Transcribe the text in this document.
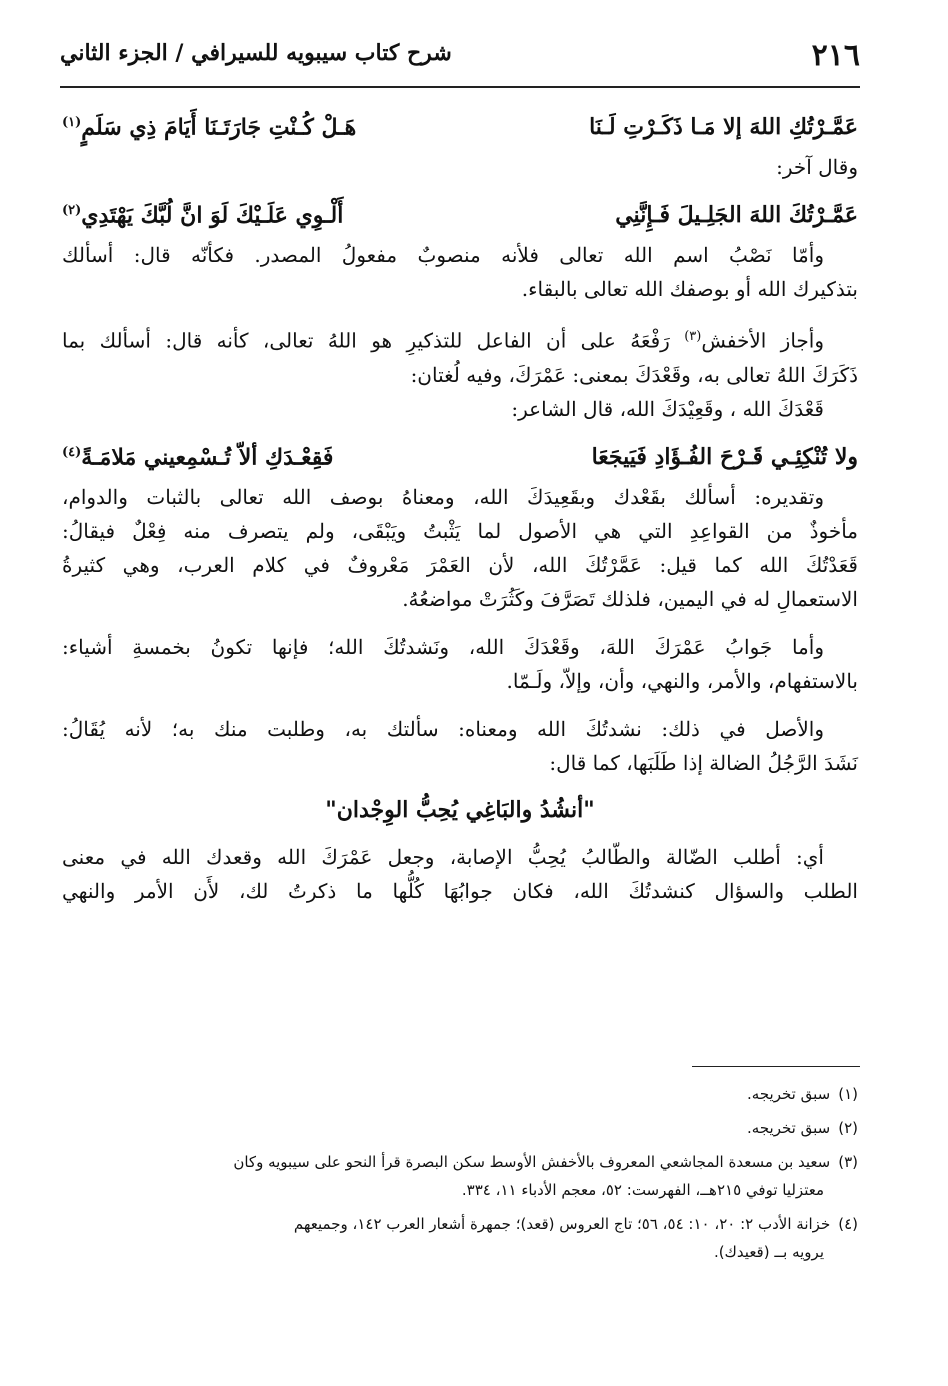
٢١٦
شرح كتاب سيبويه للسيرافي / الجزء الثاني
عَمَّـرْتُكِ اللهَ إلا مَـا ذَكَـرْتِ لَـنَا
هَـلْ كُـنْتِ جَارَتَـنَا أَيَامَ ذِي سَلَمٍ$^{(١)}$
وقال آخر:
عَمَّـرْتُكَ اللهَ الجَلِـيلَ فَـإِنَّنِي
أَلْـوِي عَلَـيْكَ لَوَ انَّ لُبَّكَ يَهْتَدِي$^{(٢)}$
وأمّا نَصْبُ اسم الله تعالى فلأنه منصوبٌ مفعولُ المصدر. فكأنّه قال: أسألك
بتذكيرك الله أو بوصفك الله تعالى بالبقاء.
وأجاز الأخفش$^{(٣)}$ رَفْعَهُ على أن الفاعل للتذكيرِ هو اللهُ تعالى، كأنه قال: أسألك بما
ذَكَرَكَ اللهُ تعالى به، وقَعْدَكَ بمعنى: عَمْرَكَ، وفيه لُغتان:
قَعْدَكَ الله ، وقَعِيْدَكَ الله، قال الشاعر:
ولا تُنْكِئِـي قَـرْحَ الفُـؤَادِ فَيَيجَعَا
فَقِعْـدَكِ ألاّ تُـسْمِعيني مَلامَـةً$^{(٤)}$
وتقديره: أسألك بقَعْدك وبقَعِيدَكَ الله، ومعناهُ بوصف الله تعالى بالثبات والدوام،
مأخوذٌ من القواعِدِ التي هي الأصول لما يَثْبتُ ويَبْقَى، ولم يتصرف منه فِعْلٌ فيقالُ:
قَعَدْتُكَ الله كما قيل: عَمَّرْتُكَ الله، لأن العَمْرَ مَعْروفٌ في كلام العرب، وهي كثيرةُ
الاستعمالِ له في اليمين، فلذلك تَصَرَّفَ وكَثُرَتْ مواضعُهُ.
وأما جَوابُ عَمْرَكَ اللهَ، وقَعْدَكَ الله، ونَشدتُكَ الله؛ فإنها تكونُ بخمسةِ أشياء:
بالاستفهام، والأمر، والنهي، وأن، وإلاّ، ولَـمّا.
والأصل في ذلك: نشدتُكَ الله ومعناه: سألتك به، وطلبت منك به؛ لأنه يُقَالُ:
نَشَدَ الرَّجُلُ الضالة إذا طَلَبَها، كما قال:
"أنشُدُ والبَاغِي يُحِبُّ الوِجْدان"
أي: أطلب الضّالة والطّالبُ يُحِبُّ الإصابة، وجعل عَمْرَكَ الله وقعدك الله في معنى
الطلب والسؤال كنشدتُكَ الله، فكان جوابُهَا كُلُّها ما ذكرتُ لك، لأَن الأمر والنهي
(١)سبق تخريجه.
(٢)سبق تخريجه.
(٣)سعيد بن مسعدة المجاشعي المعروف بالأخفش الأوسط سكن البصرة قرأ النحو على سيبويه وكان
معتزليا توفي ٢١٥هــ، الفهرست: ٥٢، معجم الأدباء ١١، ٣٣٤.
(٤)خزانة الأدب ٢: ٢٠، ١٠: ٥٤، ٥٦؛ تاج العروس (قعد)؛ جمهرة أشعار العرب ١٤٢، وجميعهم
يرويه بــ (قعيدك).
